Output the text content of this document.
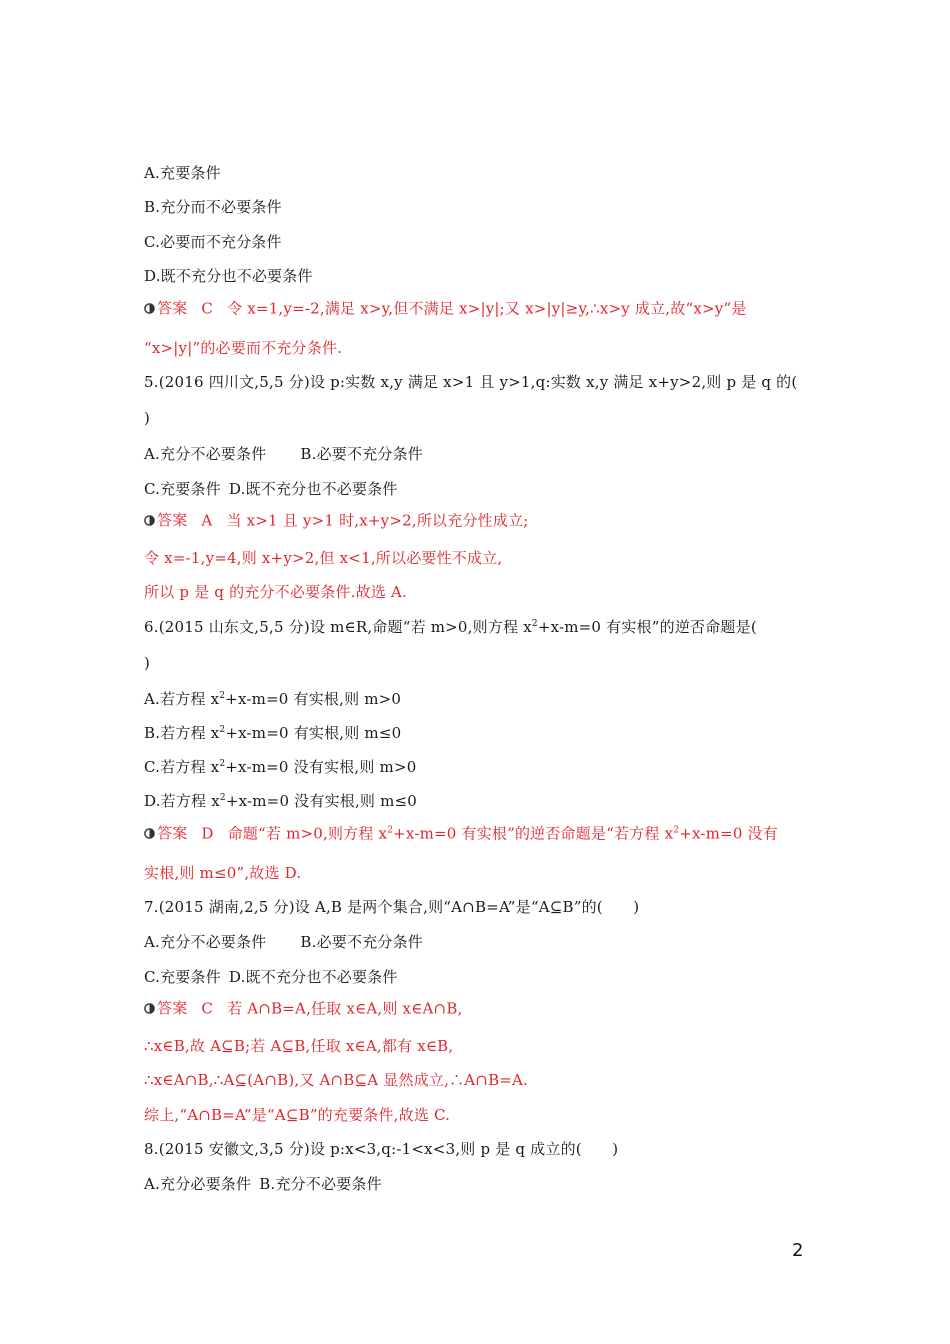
A.充要条件
B.充分而不必要条件
C.必要而不充分条件
D.既不充分也不必要条件
答案 C 令 x=1,y=-2,满足 x>y,但不满足 x>|y|;又 x>|y|≥y,∴x>y 成立,故“x>y”是
“x>|y|”的必要而不充分条件.
5.(2016 四川文,5,5 分)设 p:实数 x,y 满足 x>1 且 y>1,q:实数 x,y 满足 x+y>2,则 p 是 q 的(
)
A.充分不必要条件 B.必要不充分条件
C.充要条件 D.既不充分也不必要条件
答案 A 当 x>1 且 y>1 时,x+y>2,所以充分性成立;
令 x=-1,y=4,则 x+y>2,但 x<1,所以必要性不成立,
所以 p 是 q 的充分不必要条件.故选 A.
6.(2015 山东文,5,5 分)设 m∈R,命题“若 m>0,则方程 $x^2+x-m=0$ 有实根”的逆否命题是(
)
A.若方程 $x^2+x-m=0$ 有实根,则 m>0
B.若方程 $x^2+x-m=0$ 有实根,则 m≤0
C.若方程 $x^2+x-m=0$ 没有实根,则 m>0
D.若方程 $x^2+x-m=0$ 没有实根,则 m≤0
答案 D 命题“若 m>0,则方程 $x^2+x-m=0$ 有实根”的逆否命题是“若方程 $x^2+x-m=0$ 没有
实根,则 m≤0”,故选 D.
7.(2015 湖南,2,5 分)设 A,B 是两个集合,则“A∩B=A”是“A⊆B”的(　　)
A.充分不必要条件 B.必要不充分条件
C.充要条件 D.既不充分也不必要条件
答案 C 若 A∩B=A,任取 x∈A,则 x∈A∩B,
∴x∈B,故 A⊆B;若 A⊆B,任取 x∈A,都有 x∈B,
∴x∈A∩B,∴A⊆(A∩B),又 A∩B⊆A 显然成立,∴A∩B=A.
综上,“A∩B=A”是“A⊆B”的充要条件,故选 C.
8.(2015 安徽文,3,5 分)设 p:x<3,q:-1<x<3,则 p 是 q 成立的(　　)
A.充分必要条件 B.充分不必要条件
2
